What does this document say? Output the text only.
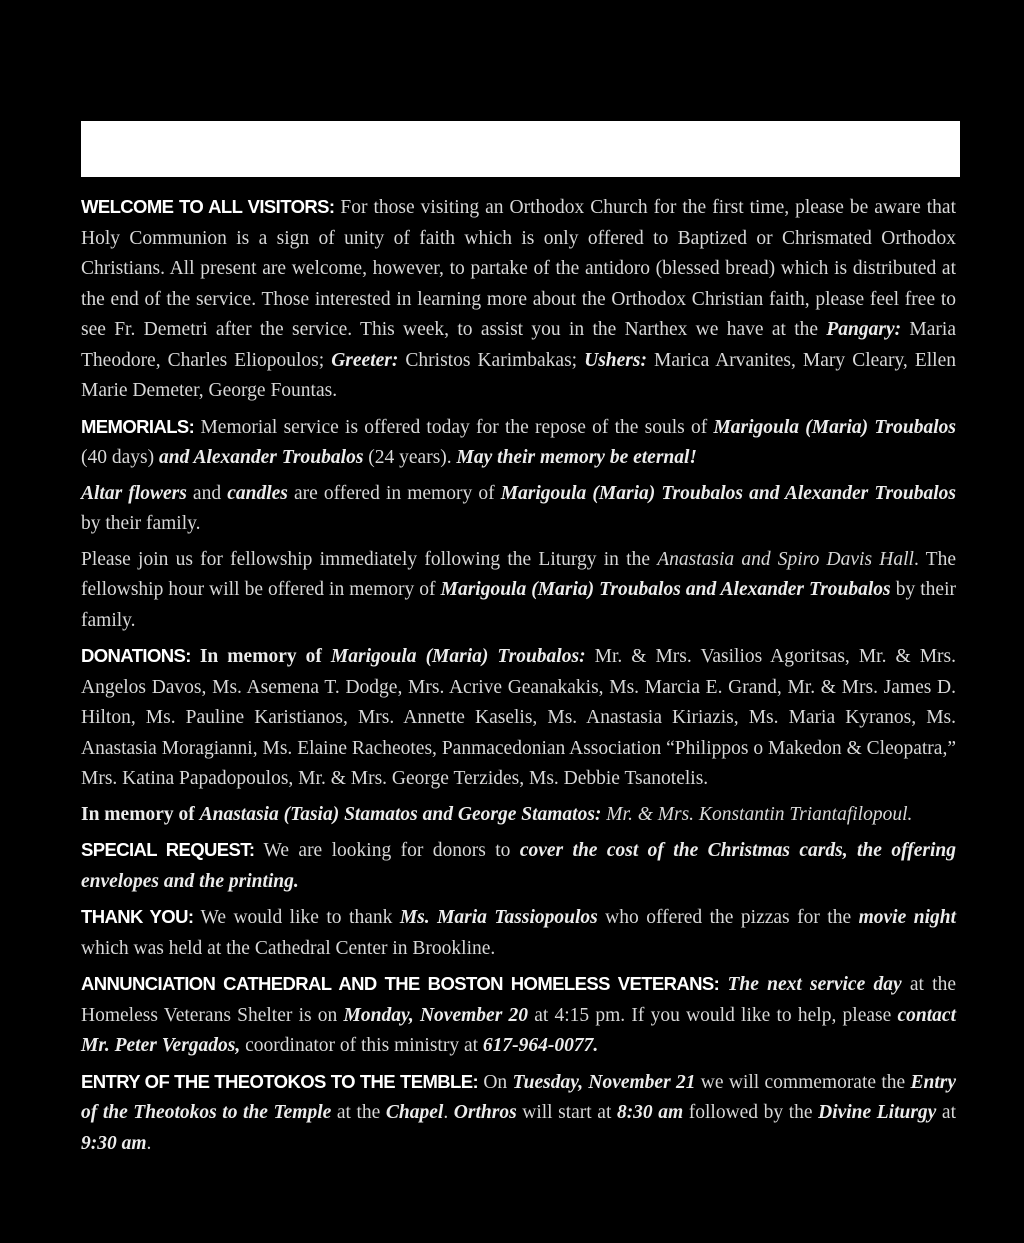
WELCOME TO ALL VISITORS: For those visiting an Orthodox Church for the first time, please be aware that Holy Communion is a sign of unity of faith which is only offered to Baptized or Chrismated Orthodox Christians. All present are welcome, however, to partake of the antidoro (blessed bread) which is distributed at the end of the service. Those interested in learning more about the Orthodox Christian faith, please feel free to see Fr. Demetri after the service. This week, to assist you in the Narthex we have at the Pangary: Maria Theodore, Charles Eliopoulos; Greeter: Christos Karimbakas; Ushers: Marica Arvanites, Mary Cleary, Ellen Marie Demeter, George Fountas.

MEMORIALS: Memorial service is offered today for the repose of the souls of Marigoula (Maria) Troubalos (40 days) and Alexander Troubalos (24 years). May their memory be eternal!

Altar flowers and candles are offered in memory of Marigoula (Maria) Troubalos and Alexander Troubalos by their family.

Please join us for fellowship immediately following the Liturgy in the Anastasia and Spiro Davis Hall. The fellowship hour will be offered in memory of Marigoula (Maria) Troubalos and Alexander Troubalos by their family.

DONATIONS: In memory of Marigoula (Maria) Troubalos: Mr. & Mrs. Vasilios Agoritsas, Mr. & Mrs. Angelos Davos, Ms. Asemena T. Dodge, Mrs. Acrive Geanakakis, Ms. Marcia E. Grand, Mr. & Mrs. James D. Hilton, Ms. Pauline Karistianos, Mrs. Annette Kaselis, Ms. Anastasia Kiriazis, Ms. Maria Kyranos, Ms. Anastasia Moragianni, Ms. Elaine Racheotes, Panmacedonian Association “Philippos o Makedon & Cleopatra,” Mrs. Katina Papadopoulos, Mr. & Mrs. George Terzides, Ms. Debbie Tsanotelis.

In memory of Anastasia (Tasia) Stamatos and George Stamatos: Mr. & Mrs. Konstantin Triantafilopoul.

SPECIAL REQUEST: We are looking for donors to cover the cost of the Christmas cards, the offering envelopes and the printing.

THANK YOU: We would like to thank Ms. Maria Tassiopoulos who offered the pizzas for the movie night which was held at the Cathedral Center in Brookline.

ANNUNCIATION CATHEDRAL AND THE BOSTON HOMELESS VETERANS: The next service day at the Homeless Veterans Shelter is on Monday, November 20 at 4:15 pm. If you would like to help, please contact Mr. Peter Vergados, coordinator of this ministry at 617-964-0077.

ENTRY OF THE THEOTOKOS TO THE TEMBLE: On Tuesday, November 21 we will commemorate the Entry of the Theotokos to the Temple at the Chapel. Orthros will start at 8:30 am followed by the Divine Liturgy at 9:30 am.
